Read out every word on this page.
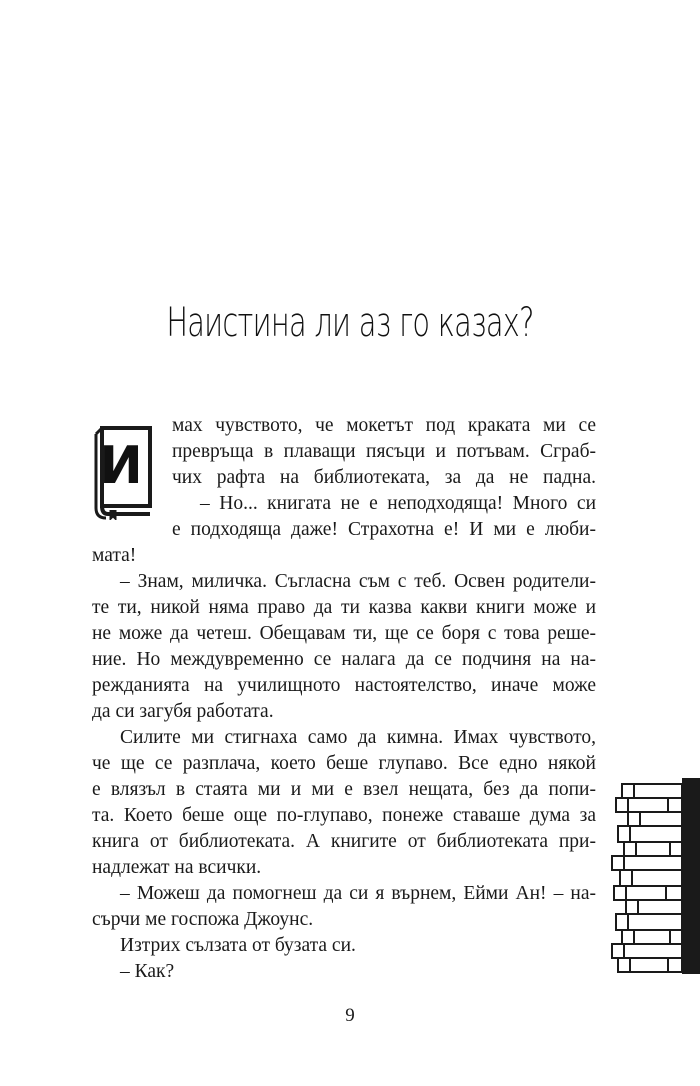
Наистина ли аз го казах?
И
мах чувството, че мокетът под краката ми се
превръща в плаващи пясъци и потъвам. Сграб-
чих рафта на библиотеката, за да не падна.
– Но... книгата не е неподходяща! Много си
е подходяща даже! Страхотна е! И ми е люби-
мата!
– Знам, миличка. Съгласна съм с теб. Освен родители-
те ти, никой няма право да ти казва какви книги може и
не може да четеш. Обещавам ти, ще се боря с това реше-
ние. Но междувременно се налага да се подчиня на на-
режданията на училищното настоятелство, иначе може
да си загубя работата.
Силите ми стигнаха само да кимна. Имах чувството,
че ще се разплача, което беше глупаво. Все едно някой
е влязъл в стаята ми и ми е взел нещата, без да попи-
та. Което беше още по-глупаво, понеже ставаше дума за
книга от библиотеката. А книгите от библиотеката при-
надлежат на всички.
– Можеш да помогнеш да си я върнем, Ейми Ан! – на-
сърчи ме госпожа Джоунс.
Изтрих сълзата от бузата си.
– Как?
9
